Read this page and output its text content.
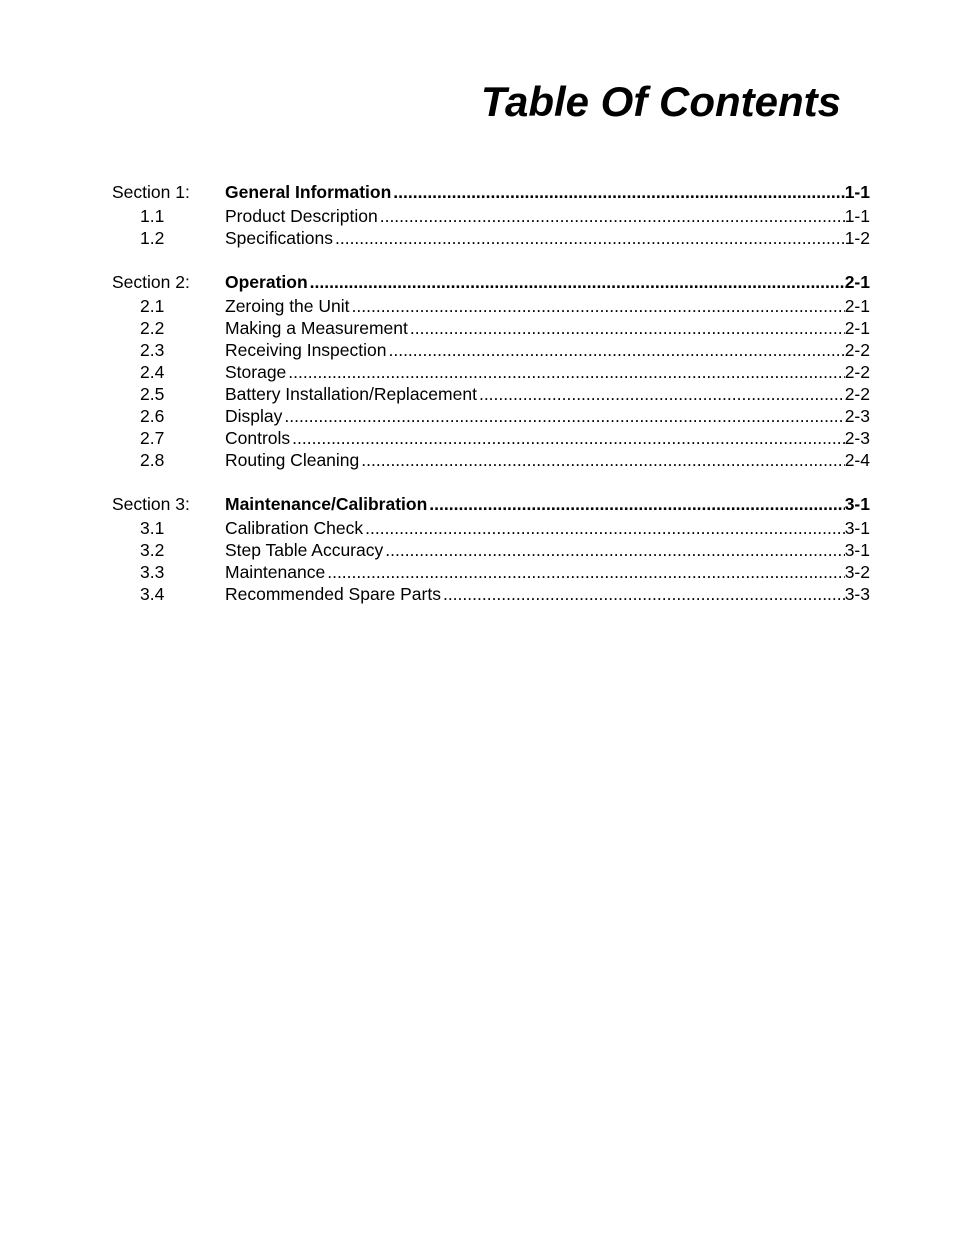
Table Of Contents
Section 1:	General Information .....	1-1
1.1	Product Description .....	1-1
1.2	Specifications .....	1-2
Section 2:	Operation .....	2-1
2.1	Zeroing the Unit .....	2-1
2.2	Making a Measurement .....	2-1
2.3	Receiving Inspection .....	2-2
2.4	Storage .....	2-2
2.5	Battery Installation/Replacement .....	2-2
2.6	Display .....	2-3
2.7	Controls .....	2-3
2.8	Routing Cleaning .....	2-4
Section 3:	Maintenance/Calibration .....	3-1
3.1	Calibration Check .....	3-1
3.2	Step Table Accuracy .....	3-1
3.3	Maintenance .....	3-2
3.4	Recommended Spare Parts .....	3-3
